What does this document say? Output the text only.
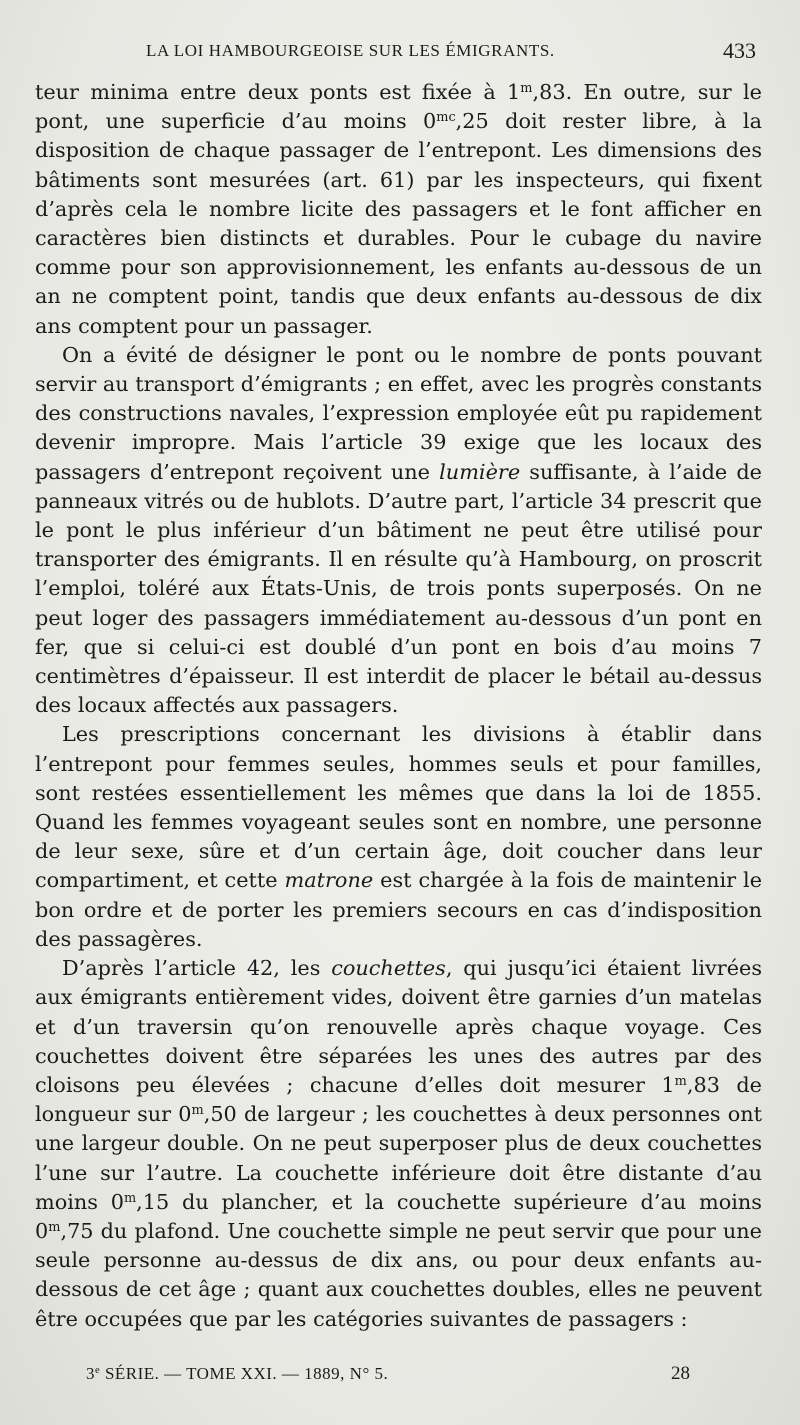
LA LOI HAMBOURGEOISE SUR LES ÉMIGRANTS.	433

teur minima entre deux ponts est fixée à 1$^m$,83. En outre, sur le pont, une superficie d’au moins $0^{mc},25$ doit rester libre, à la disposition de chaque passager de l’entrepont. Les dimensions des bâtiments sont mesurées (art. 61) par les inspecteurs, qui fixent d’après cela le nombre licite des passagers et le font afficher en caractères bien distincts et durables. Pour le cubage du navire comme pour son approvisionnement, les enfants au-dessous de un an ne comptent point, tandis que deux enfants au-dessous de dix ans comptent pour un passager.

On a évité de désigner le pont ou le nombre de ponts pouvant servir au transport d’émigrants ; en effet, avec les progrès constants des constructions navales, l’expression employée eût pu rapidement devenir impropre. Mais l’article 39 exige que les locaux des passagers d’entrepont reçoivent une lumière suffisante, à l’aide de panneaux vitrés ou de hublots. D’autre part, l’article 34 prescrit que le pont le plus inférieur d’un bâtiment ne peut être utilisé pour transporter des émigrants. Il en résulte qu’à Hambourg, on proscrit l’emploi, toléré aux États-Unis, de trois ponts superposés. On ne peut loger des passagers immédiatement au-dessous d’un pont en fer, que si celui-ci est doublé d’un pont en bois d’au moins 7 centimètres d’épaisseur. Il est interdit de placer le bétail au-dessus des locaux affectés aux passagers.

Les prescriptions concernant les divisions à établir dans l’entrepont pour femmes seules, hommes seuls et pour familles, sont restées essentiellement les mêmes que dans la loi de 1855. Quand les femmes voyageant seules sont en nombre, une personne de leur sexe, sûre et d’un certain âge, doit coucher dans leur compartiment, et cette matrone est chargée à la fois de maintenir le bon ordre et de porter les premiers secours en cas d’indisposition des passagères.

D’après l’article 42, les couchettes, qui jusqu’ici étaient livrées aux émigrants entièrement vides, doivent être garnies d’un matelas et d’un traversin qu’on renouvelle après chaque voyage. Ces couchettes doivent être séparées les unes des autres par des cloisons peu élevées ; chacune d’elles doit mesurer 1$^m$,83 de longueur sur 0$^m$,50 de largeur ; les couchettes à deux personnes ont une largeur double. On ne peut superposer plus de deux couchettes l’une sur l’autre. La couchette inférieure doit être distante d’au moins 0$^m$,15 du plancher, et la couchette supérieure d’au moins 0$^m$,75 du plafond. Une couchette simple ne peut servir que pour une seule personne au-dessus de dix ans, ou pour deux enfants au-dessous de cet âge ; quant aux couchettes doubles, elles ne peuvent être occupées que par les catégories suivantes de passagers :

3e SÉRIE. — TOME XXI. — 1889, N° 5.	28
